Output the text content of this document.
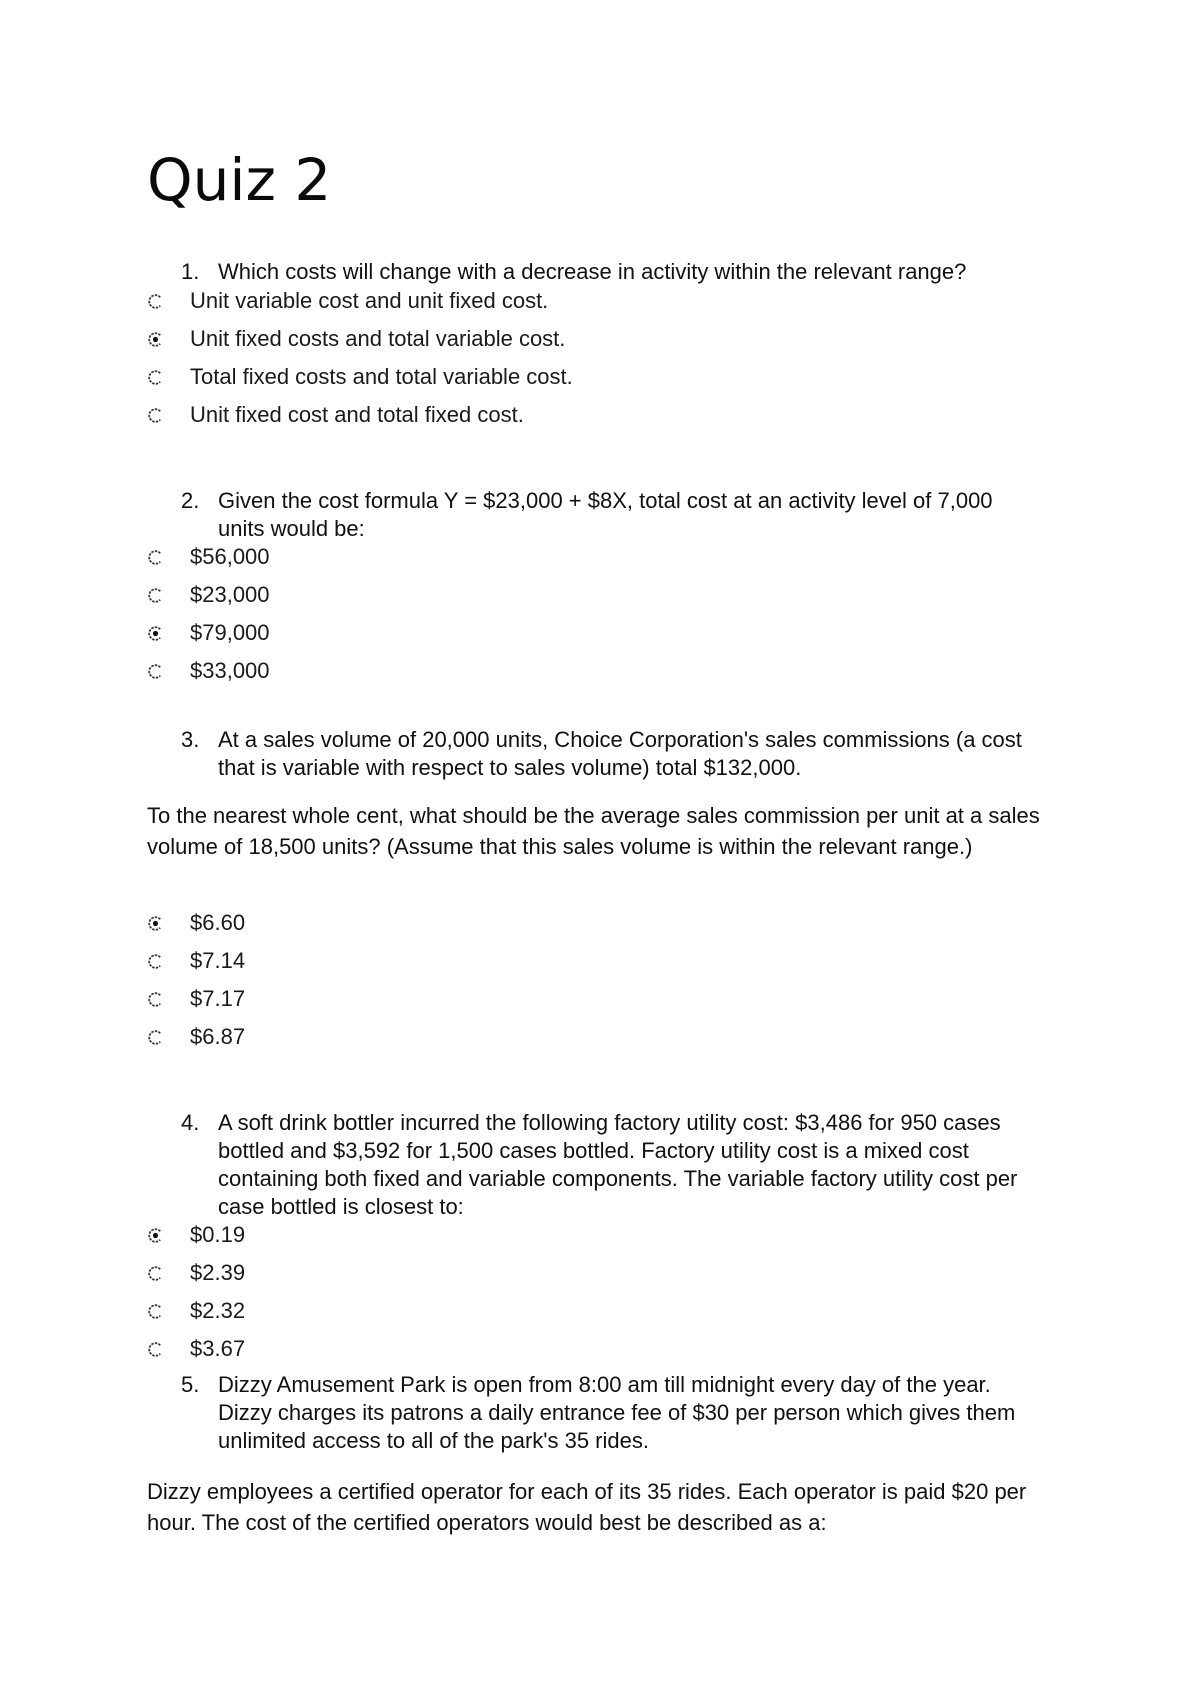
Quiz 2
1. Which costs will change with a decrease in activity within the relevant range?
Unit variable cost and unit fixed cost.
Unit fixed costs and total variable cost.
Total fixed costs and total variable cost.
Unit fixed cost and total fixed cost.
2. Given the cost formula Y = $23,000 + $8X, total cost at an activity level of 7,000 units would be:
$56,000
$23,000
$79,000
$33,000
3. At a sales volume of 20,000 units, Choice Corporation's sales commissions (a cost that is variable with respect to sales volume) total $132,000.

To the nearest whole cent, what should be the average sales commission per unit at a sales volume of 18,500 units? (Assume that this sales volume is within the relevant range.)

$6.60
$7.14
$7.17
$6.87
4. A soft drink bottler incurred the following factory utility cost: $3,486 for 950 cases bottled and $3,592 for 1,500 cases bottled. Factory utility cost is a mixed cost containing both fixed and variable components. The variable factory utility cost per case bottled is closest to:
$0.19
$2.39
$2.32
$3.67
5. Dizzy Amusement Park is open from 8:00 am till midnight every day of the year. Dizzy charges its patrons a daily entrance fee of $30 per person which gives them unlimited access to all of the park's 35 rides.

Dizzy employees a certified operator for each of its 35 rides. Each operator is paid $20 per hour. The cost of the certified operators would best be described as a:
